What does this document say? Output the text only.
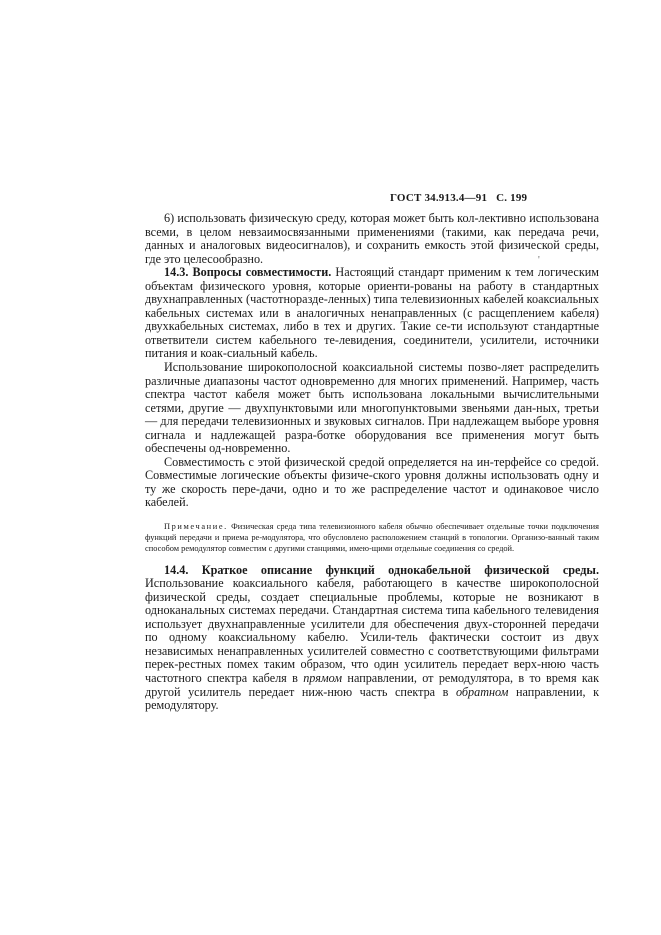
ГОСТ 34.913.4—91 С. 199
'

6) использовать физическую среду, которая может быть кол-лективно использована всеми, в целом невзаимосвязанными применениями (такими, как передача речи, данных и аналоговых видеосигналов), и сохранить емкость этой физической среды, где это целесообразно.

14.3. Вопросы совместимости. Настоящий стандарт применим к тем логическим объектам физического уровня, которые ориенти-рованы на работу в стандартных двухнаправленных (частотноразде-ленных) типа телевизионных кабелей коаксиальных кабельных системах или в аналогичных ненаправленных (с расщеплением кабеля) двухкабельных системах, либо в тех и других. Такие се-ти используют стандартные ответвители систем кабельного те-левидения, соединители, усилители, источники питания и коак-сиальный кабель.

Использование широкополосной коаксиальной системы позво-ляет распределить различные диапазоны частот одновременно для многих применений. Например, часть спектра частот кабеля может быть использована локальными вычислительными сетями, другие — двухпунктовыми или многопунктовыми звеньями дан-ных, третьи — для передачи телевизионных и звуковых сигналов. При надлежащем выборе уровня сигнала и надлежащей разра-ботке оборудования все применения могут быть обеспечены од-новременно.

Совместимость с этой физической средой определяется на ин-терфейсе со средой. Совместимые логические объекты физиче-ского уровня должны использовать одну и ту же скорость пере-дачи, одно и то же распределение частот и одинаковое число кабелей.

Примечание. Физическая среда типа телевизионного кабеля обычно обеспечивает отдельные точки подключения функций передачи и приема ре-модулятора, что обусловлено расположением станций в топологии. Организо-ванный таким способом ремодулятор совместим с другими станциями, имею-щими отдельные соединения со средой.

14.4. Краткое описание функций однокабельной физической среды. Использование коаксиального кабеля, работающего в качестве широкополосной физической среды, создает специальные проблемы, которые не возникают в одноканальных системах передачи. Стандартная система типа кабельного телевидения использует двухнаправленные усилители для обеспечения двух-сторонней передачи по одному коаксиальному кабелю. Усили-тель фактически состоит из двух независимых ненаправленных усилителей совместно с соответствующими фильтрами перек-рестных помех таким образом, что один усилитель передает верх-нюю часть частотного спектра кабеля в прямом направлении, от ремодулятора, в то время как другой усилитель передает ниж-нюю часть спектра в обратном направлении, к ремодулятору.
